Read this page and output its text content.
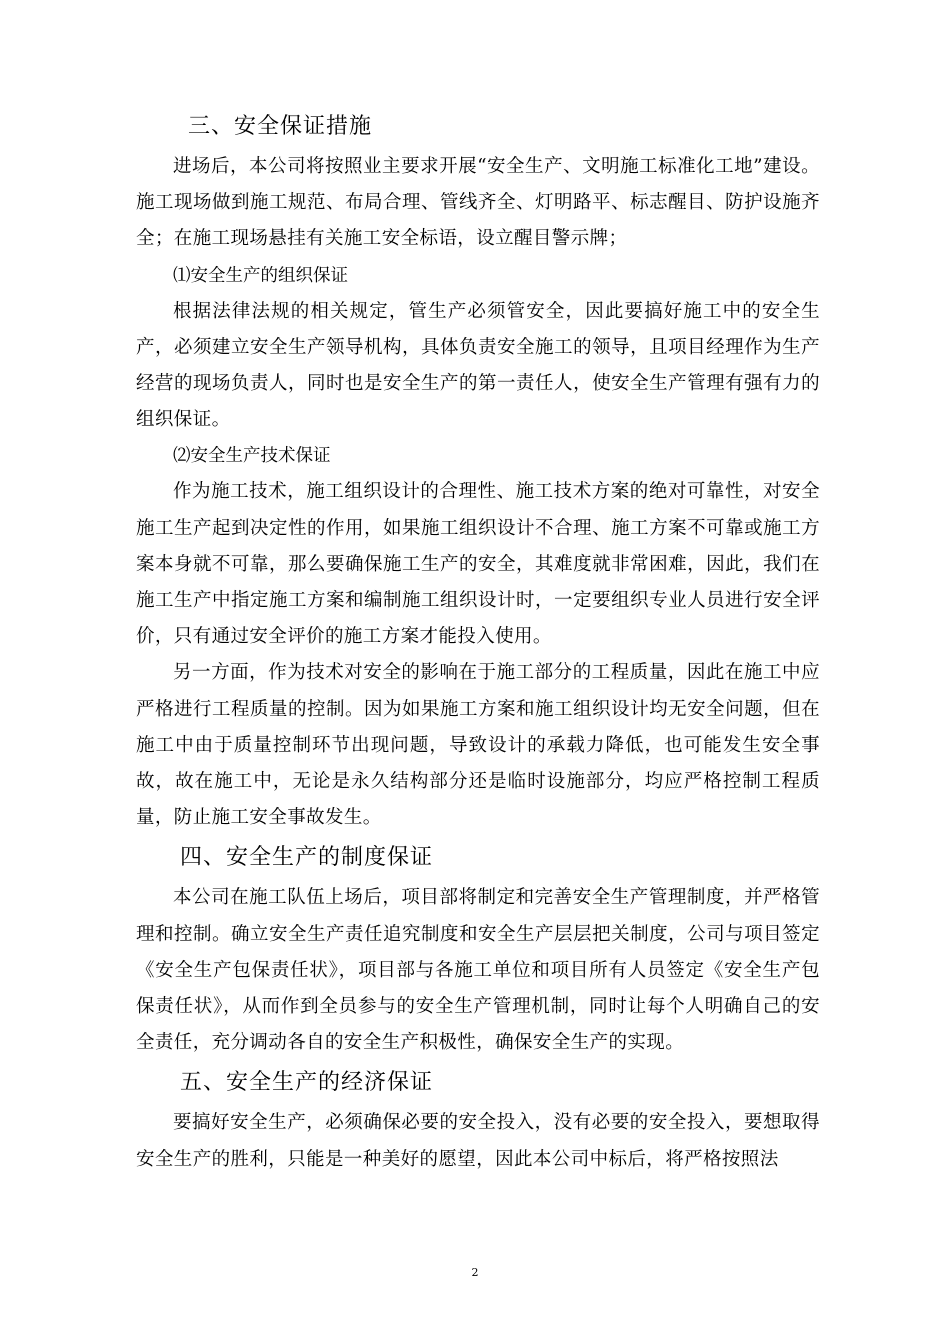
三、安全保证措施

进场后，本公司将按照业主要求开展“安全生产、文明施工标准化工地”建设。施工现场做到施工规范、布局合理、管线齐全、灯明路平、标志醒目、防护设施齐全；在施工现场悬挂有关施工安全标语，设立醒目警示牌；

⑴安全生产的组织保证

根据法律法规的相关规定，管生产必须管安全，因此要搞好施工中的安全生产，必须建立安全生产领导机构，具体负责安全施工的领导，且项目经理作为生产经营的现场负责人，同时也是安全生产的第一责任人，使安全生产管理有强有力的组织保证。

⑵安全生产技术保证

作为施工技术，施工组织设计的合理性、施工技术方案的绝对可靠性，对安全施工生产起到决定性的作用，如果施工组织设计不合理、施工方案不可靠或施工方案本身就不可靠，那么要确保施工生产的安全，其难度就非常困难，因此，我们在施工生产中指定施工方案和编制施工组织设计时，一定要组织专业人员进行安全评价，只有通过安全评价的施工方案才能投入使用。

另一方面，作为技术对安全的影响在于施工部分的工程质量，因此在施工中应严格进行工程质量的控制。因为如果施工方案和施工组织设计均无安全问题，但在施工中由于质量控制环节出现问题，导致设计的承载力降低，也可能发生安全事故，故在施工中，无论是永久结构部分还是临时设施部分，均应严格控制工程质量，防止施工安全事故发生。

四、安全生产的制度保证

本公司在施工队伍上场后，项目部将制定和完善安全生产管理制度，并严格管理和控制。确立安全生产责任追究制度和安全生产层层把关制度，公司与项目签定《安全生产包保责任状》，项目部与各施工单位和项目所有人员签定《安全生产包保责任状》，从而作到全员参与的安全生产管理机制，同时让每个人明确自己的安全责任，充分调动各自的安全生产积极性，确保安全生产的实现。

五、安全生产的经济保证

要搞好安全生产，必须确保必要的安全投入，没有必要的安全投入，要想取得安全生产的胜利，只能是一种美好的愿望，因此本公司中标后，将严格按照法

2
